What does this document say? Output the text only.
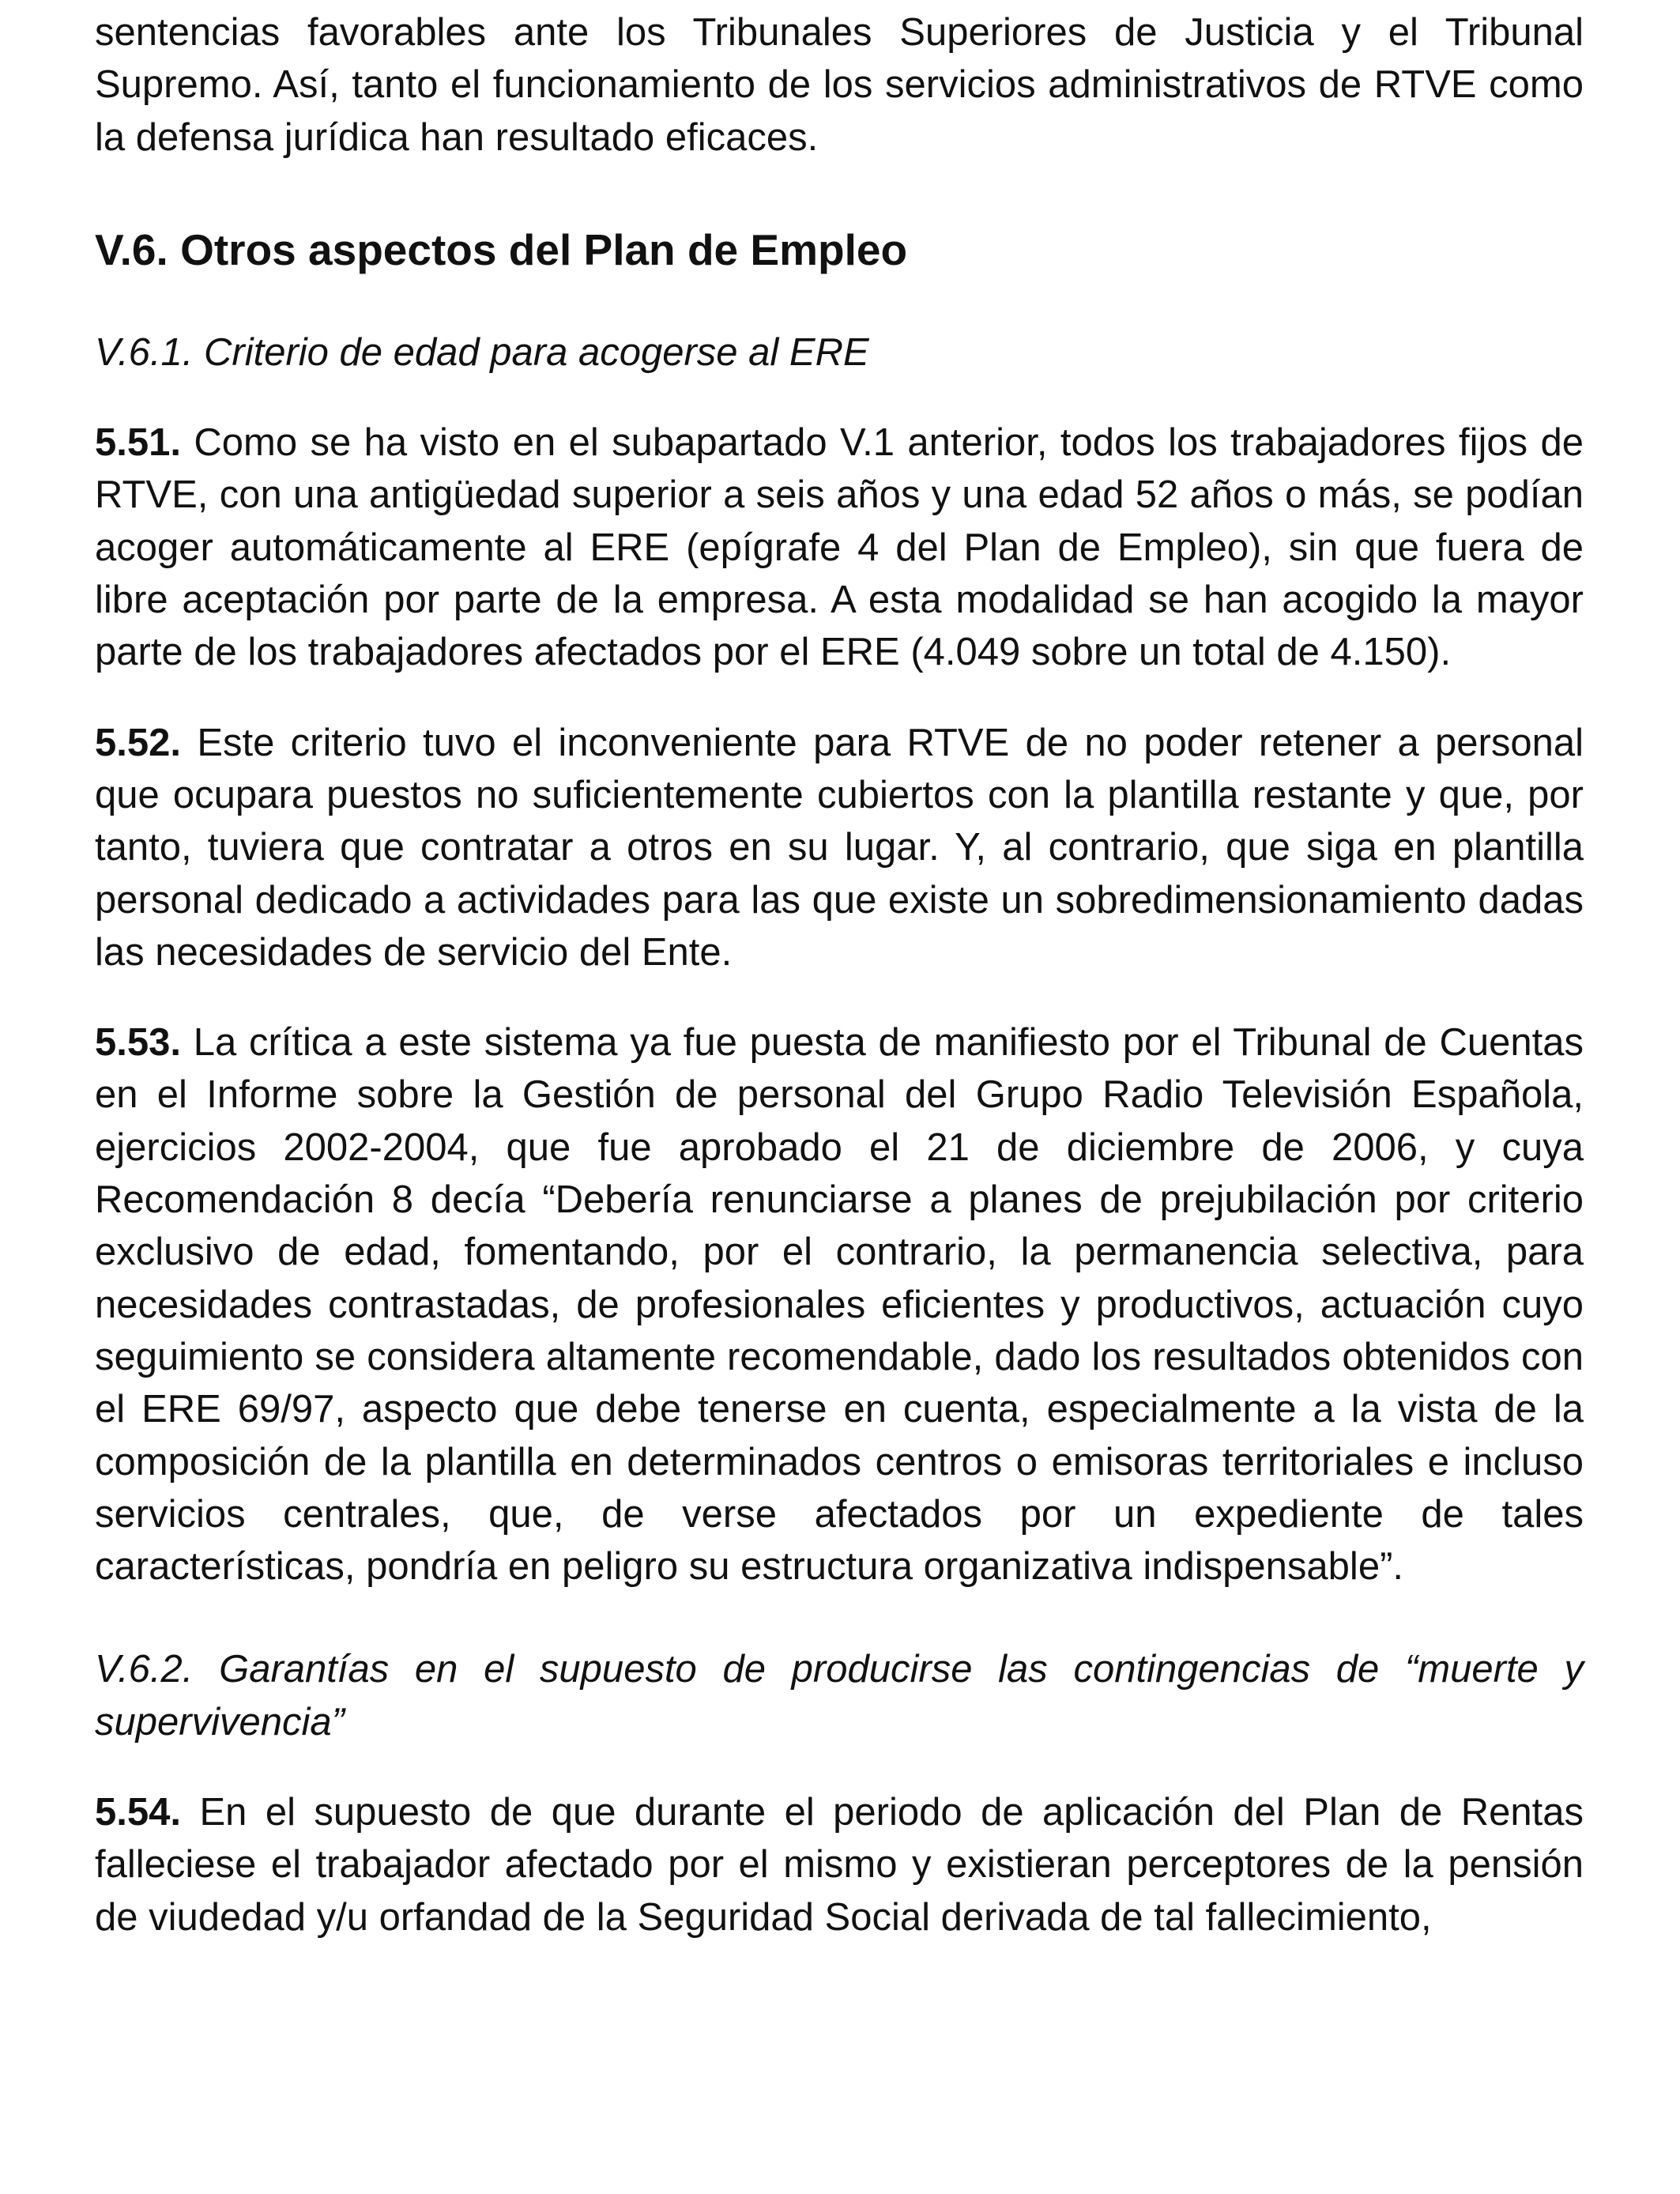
sentencias favorables ante los Tribunales Superiores de Justicia y el Tribunal Supremo. Así, tanto el funcionamiento de los servicios administrativos de RTVE como la defensa jurídica han resultado eficaces.

V.6. Otros aspectos del Plan de Empleo
V.6.1. Criterio de edad para acogerse al ERE

5.51. Como se ha visto en el subapartado V.1 anterior, todos los trabajadores fijos de RTVE, con una antigüedad superior a seis años y una edad 52 años o más, se podían acoger automáticamente al ERE (epígrafe 4 del Plan de Empleo), sin que fuera de libre aceptación por parte de la empresa. A esta modalidad se han acogido la mayor parte de los trabajadores afectados por el ERE (4.049 sobre un total de 4.150).

5.52. Este criterio tuvo el inconveniente para RTVE de no poder retener a personal que ocupara puestos no suficientemente cubiertos con la plantilla restante y que, por tanto, tuviera que contratar a otros en su lugar. Y, al contrario, que siga en plantilla personal dedicado a actividades para las que existe un sobredimensionamiento dadas las necesidades de servicio del Ente.

5.53. La crítica a este sistema ya fue puesta de manifiesto por el Tribunal de Cuentas en el Informe sobre la Gestión de personal del Grupo Radio Televisión Española, ejercicios 2002-2004, que fue aprobado el 21 de diciembre de 2006, y cuya Recomendación 8 decía “Debería renunciarse a planes de prejubilación por criterio exclusivo de edad, fomentando, por el contrario, la permanencia selectiva, para necesidades contrastadas, de profesionales eficientes y productivos, actuación cuyo seguimiento se considera altamente recomendable, dado los resultados obtenidos con el ERE 69/97, aspecto que debe tenerse en cuenta, especialmente a la vista de la composición de la plantilla en determinados centros o emisoras territoriales e incluso servicios centrales, que, de verse afectados por un expediente de tales características, pondría en peligro su estructura organizativa indispensable”.

V.6.2. Garantías en el supuesto de producirse las contingencias de “muerte y supervivencia”

5.54. En el supuesto de que durante el periodo de aplicación del Plan de Rentas falleciese el trabajador afectado por el mismo y existieran perceptores de la pensión de viudedad y/u orfandad de la Seguridad Social derivada de tal fallecimiento,
